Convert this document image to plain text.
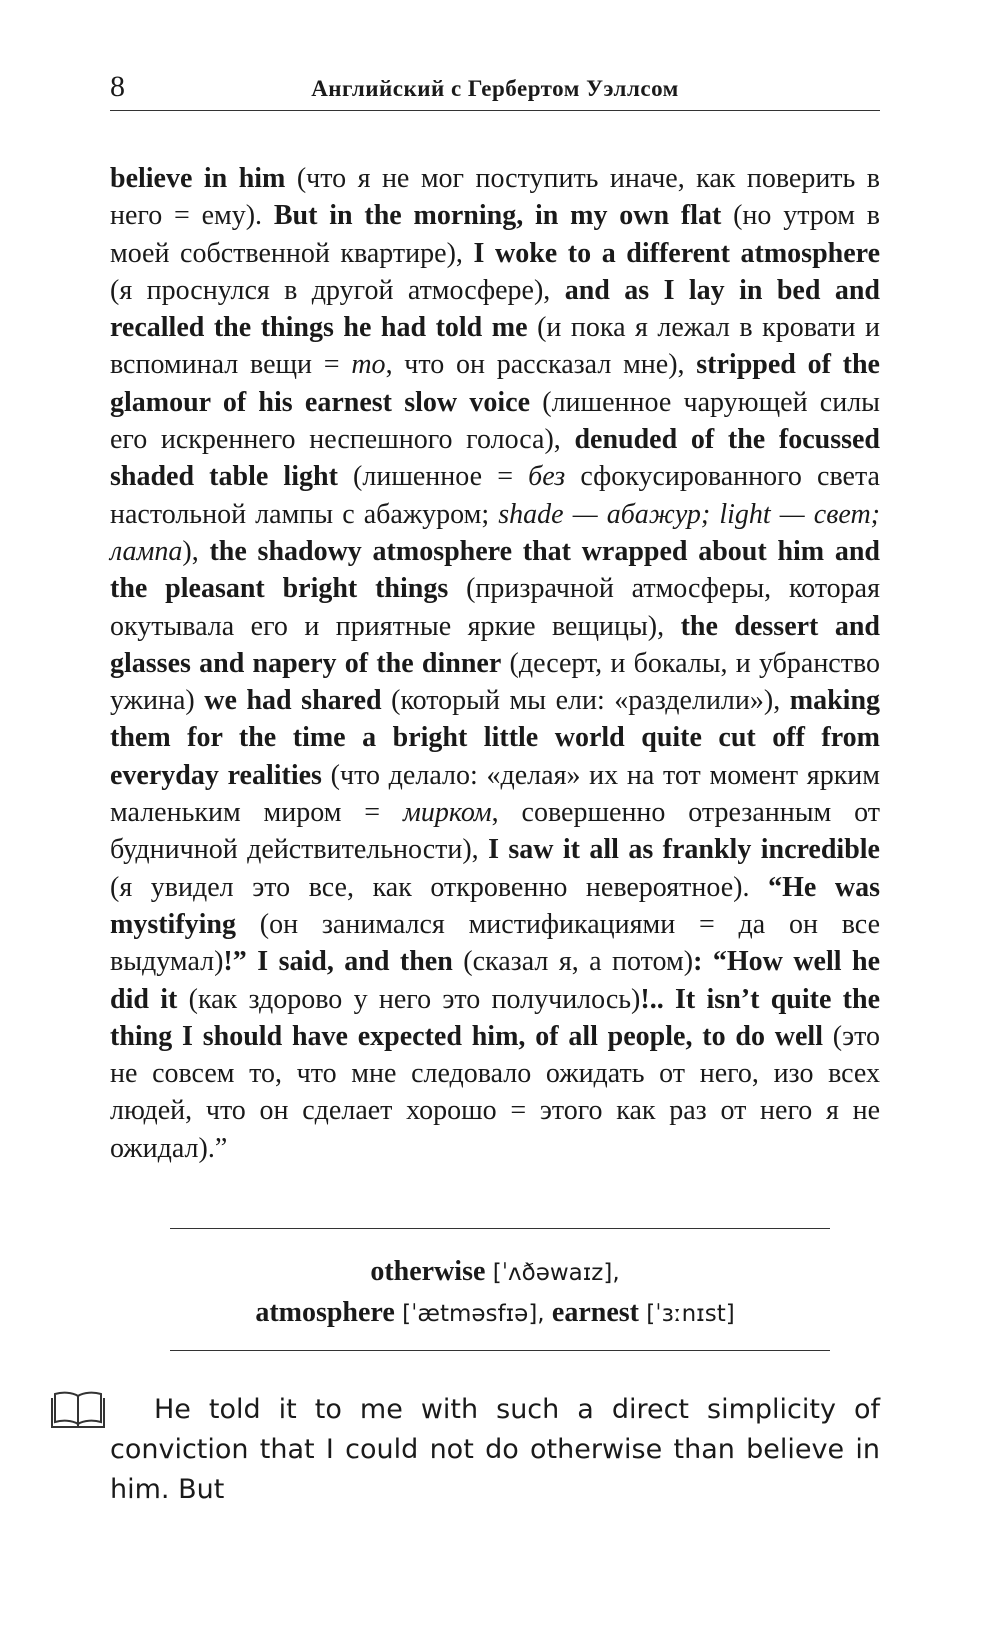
8	Английский с Гербертом Уэллсом
believe in him (что я не мог поступить иначе, как поверить в него = ему). But in the morning, in my own flat (но утром в моей собственной квартире), I woke to a different atmosphere (я проснулся в другой атмосфере), and as I lay in bed and recalled the things he had told me (и пока я лежал в кровати и вспоминал вещи = то, что он рассказал мне), stripped of the glamour of his earnest slow voice (лишенное чарующей силы его искреннего неспешного голоса), denuded of the focussed shaded table light (лишенное = без сфокусированного света настольной лампы с абажуром; shade — абажур; light — свет; лампа), the shadowy atmosphere that wrapped about him and the pleasant bright things (призрачной атмосферы, которая окутывала его и приятные яркие вещицы), the dessert and glasses and napery of the dinner (десерт, и бокалы, и убранство ужина) we had shared (который мы ели: «разделили»), making them for the time a bright little world quite cut off from everyday realities (что делало: «делая» их на тот момент ярким маленьким миром = мирком, совершенно отрезанным от будничной действительности), I saw it all as frankly incredible (я увидел это все, как откровенно невероятное). “He was mystifying (он занимался мистификациями = да он все выдумал)!” I said, and then (сказал я, а потом): “How well he did it (как здорово у него это получилось)!.. It isn’t quite the thing I should have expected him, of all people, to do well (это не совсем то, что мне следовало ожидать от него, изо всех людей, что он сделает хорошо = этого как раз от него я не ожидал).”
otherwise [ˈʌðəwaɪz],
atmosphere [ˈætməsfɪə], earnest [ˈɜːnɪst]
He told it to me with such a direct simplicity of conviction that I could not do otherwise than believe in him. But
